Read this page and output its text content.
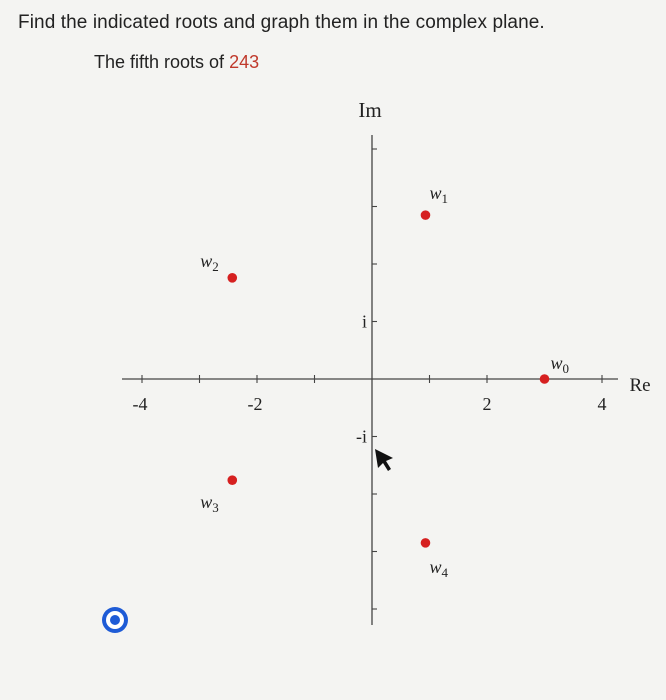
Find the indicated roots and graph them in the complex plane.
The fifth roots of 243
Im
Re
-4	-2	2	4
i
-i
$w_0$
$w_1$
$w_2$
$w_3$
$w_4$
